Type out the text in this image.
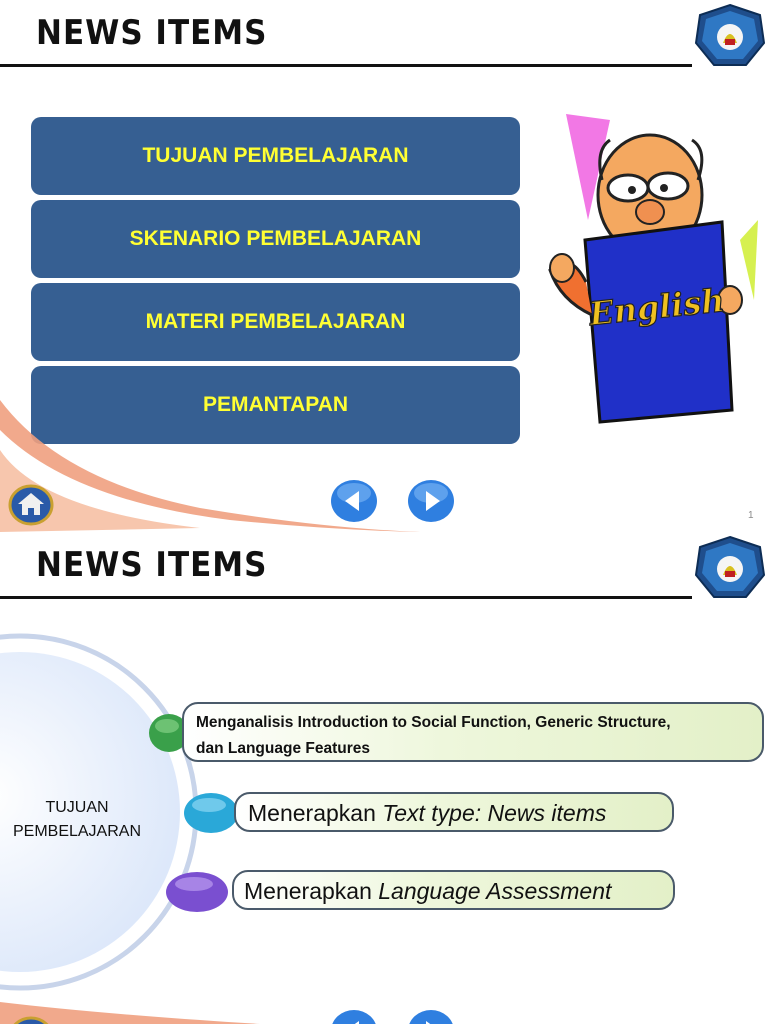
NEWS ITEMS
TUJUAN PEMBELAJARAN
SKENARIO PEMBELAJARAN
MATERI PEMBELAJARAN
PEMANTAPAN
English
1
NEWS ITEMS
TUJUAN
PEMBELAJARAN
Menganalisis Introduction to Social Function, Generic Structure,
dan Language Features
Menerapkan Text type: News items
Menerapkan Language Assessment
